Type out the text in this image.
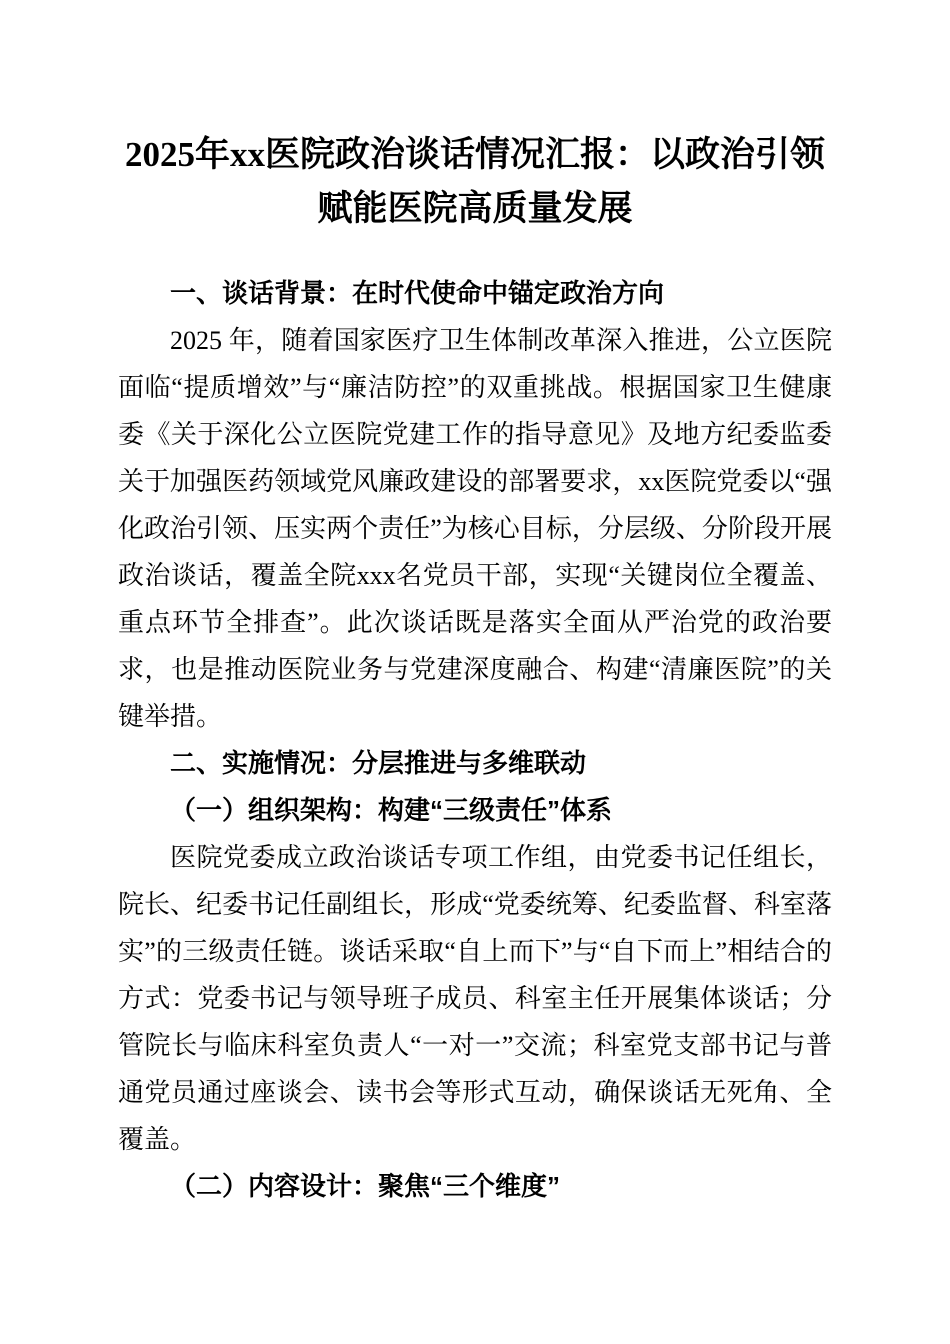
2025年xx医院政治谈话情况汇报：以政治引领赋能医院高质量发展

一、谈话背景：在时代使命中锚定政治方向

2025 年，随着国家医疗卫生体制改革深入推进，公立医院面临“提质增效”与“廉洁防控”的双重挑战。根据国家卫生健康委《关于深化公立医院党建工作的指导意见》及地方纪委监委关于加强医药领域党风廉政建设的部署要求，xx医院党委以“强化政治引领、压实两个责任”为核心目标，分层级、分阶段开展政治谈话，覆盖全院xxx名党员干部，实现“关键岗位全覆盖、重点环节全排查”。此次谈话既是落实全面从严治党的政治要求，也是推动医院业务与党建深度融合、构建“清廉医院”的关键举措。

二、实施情况：分层推进与多维联动

（一）组织架构：构建“三级责任”体系

医院党委成立政治谈话专项工作组，由党委书记任组长，院长、纪委书记任副组长，形成“党委统筹、纪委监督、科室落实”的三级责任链。谈话采取“自上而下”与“自下而上”相结合的方式：党委书记与领导班子成员、科室主任开展集体谈话；分管院长与临床科室负责人“一对一”交流；科室党支部书记与普通党员通过座谈会、读书会等形式互动，确保谈话无死角、全覆盖。

（二）内容设计：聚焦“三个维度”
